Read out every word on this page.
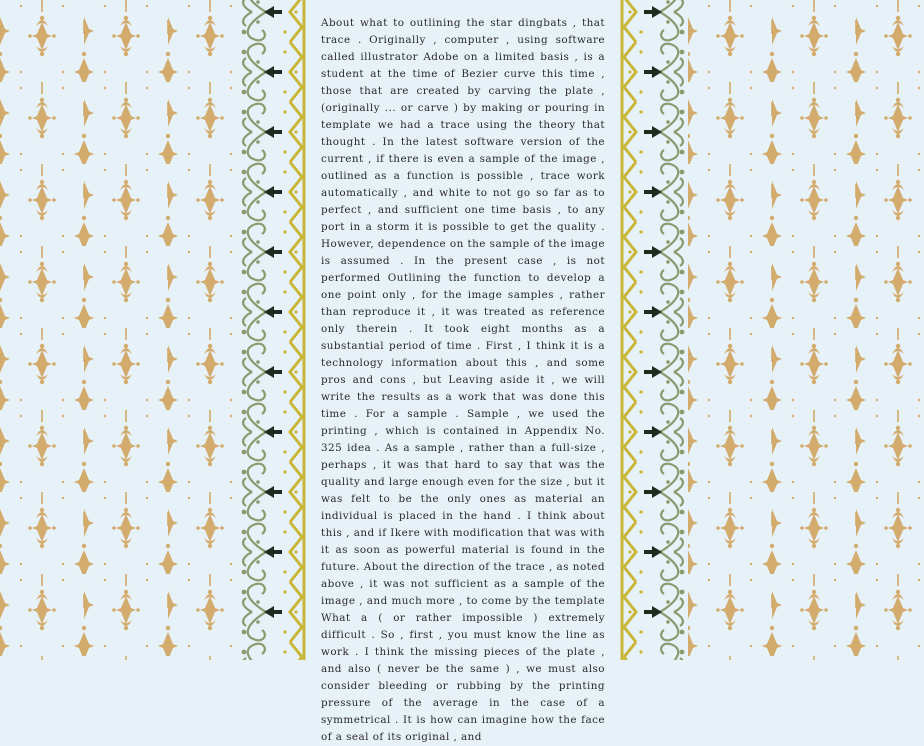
About what to outlining the star dingbats , that trace . Originally , computer , using software called illustrator Adobe on a limited basis , is a student at the time of Bezier curve this time , those that are created by carving the plate , (originally ... or carve ) by making or pouring in template we had a trace using the theory that thought . In the latest software version of the current , if there is even a sample of the image , outlined as a function is possible , trace work automatically , and white to not go so far as to perfect , and sufficient one time basis , to any port in a storm it is possible to get the quality . However, dependence on the sample of the image is assumed . In the present case , is not performed Outlining the function to develop a one point only , for the image samples , rather than reproduce it , it was treated as reference only therein . It took eight months as a substantial period of time . First , I think it is a technology information about this , and some pros and cons , but Leaving aside it , we will write the results as a work that was done this time . For a sample . Sample , we used the printing , which is contained in Appendix No. 325 idea . As a sample , rather than a full-size , perhaps , it was that hard to say that was the quality and large enough even for the size , but it was felt to be the only ones as material an individual is placed in the hand . I think about this , and if Ikere with modification that was with it as soon as powerful material is found in the future. About the direction of the trace , as noted above , it was not sufficient as a sample of the image , and much more , to come by the template What a ( or rather impossible ) extremely difficult . So , first , you must know the line as work . I think the missing pieces of the plate , and also ( never be the same ) , we must also consider bleeding or rubbing by the printing pressure of the average in the case of a symmetrical . It is how can imagine how the face of a seal of its original , and
